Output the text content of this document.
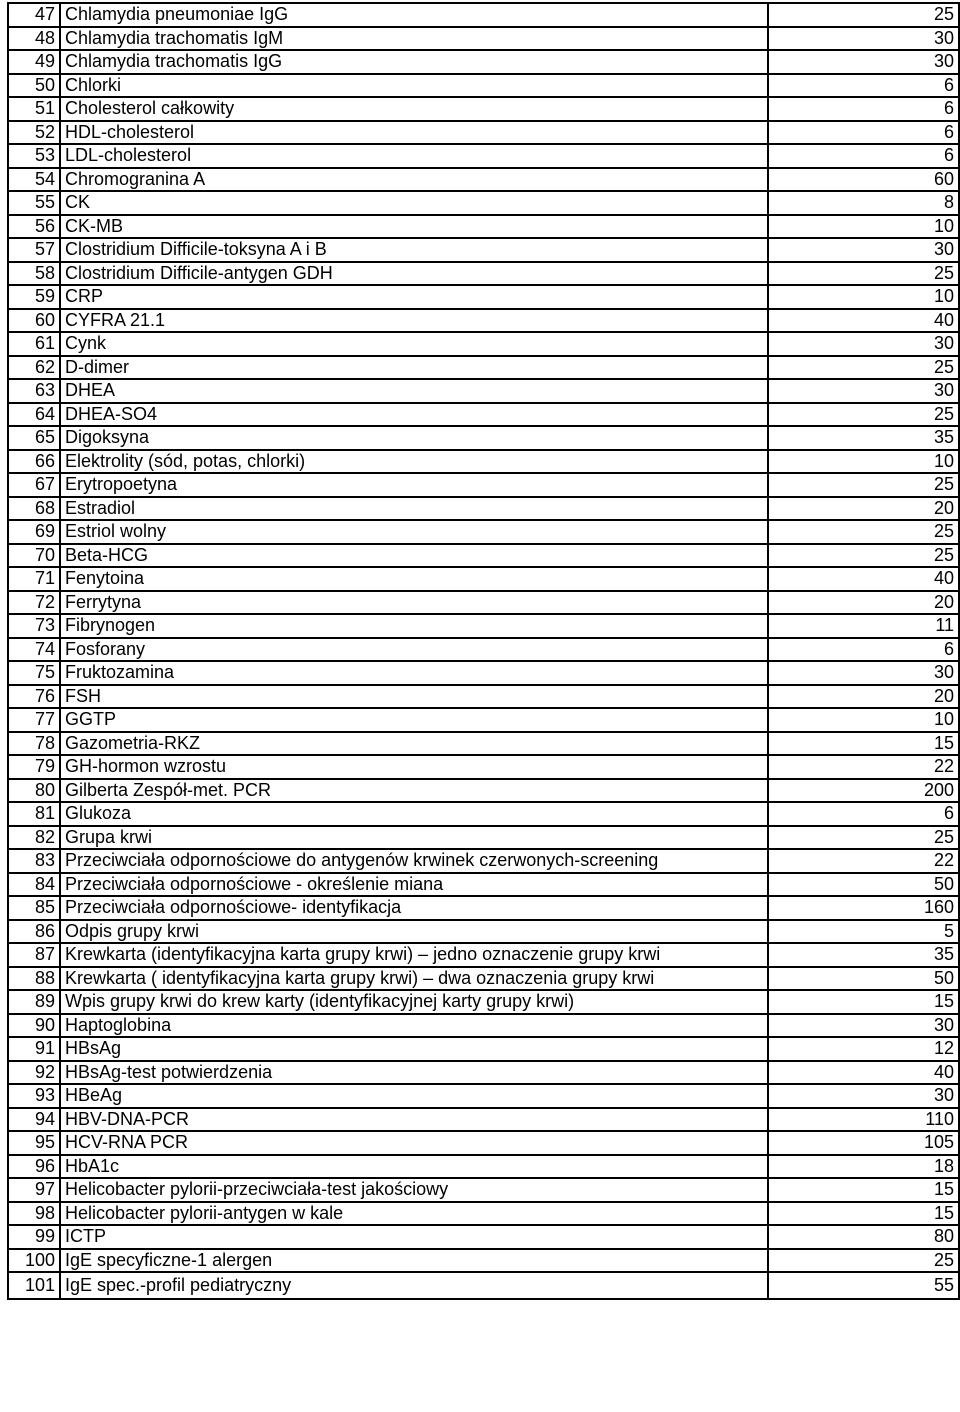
47	Chlamydia pneumoniae IgG	25
48	Chlamydia trachomatis IgM	30
49	Chlamydia trachomatis IgG	30
50	Chlorki	6
51	Cholesterol całkowity	6
52	HDL-cholesterol	6
53	LDL-cholesterol	6
54	Chromogranina A	60
55	CK	8
56	CK-MB	10
57	Clostridium Difficile-toksyna A i B	30
58	Clostridium Difficile-antygen GDH	25
59	CRP	10
60	CYFRA 21.1	40
61	Cynk	30
62	D-dimer	25
63	DHEA	30
64	DHEA-SO4	25
65	Digoksyna	35
66	Elektrolity (sód, potas, chlorki)	10
67	Erytropoetyna	25
68	Estradiol	20
69	Estriol wolny	25
70	Beta-HCG	25
71	Fenytoina	40
72	Ferrytyna	20
73	Fibrynogen	11
74	Fosforany	6
75	Fruktozamina	30
76	FSH	20
77	GGTP	10
78	Gazometria-RKZ	15
79	GH-hormon wzrostu	22
80	Gilberta Zespół-met. PCR	200
81	Glukoza	6
82	Grupa krwi	25
83	Przeciwciała odpornościowe do antygenów krwinek czerwonych-screening	22
84	Przeciwciała odpornościowe - określenie miana	50
85	Przeciwciała odpornościowe- identyfikacja	160
86	Odpis grupy krwi	5
87	Krewkarta (identyfikacyjna karta grupy krwi) – jedno oznaczenie grupy krwi	35
88	Krewkarta ( identyfikacyjna karta grupy krwi) – dwa oznaczenia grupy krwi	50
89	Wpis grupy krwi do krew karty (identyfikacyjnej karty grupy krwi)	15
90	Haptoglobina	30
91	HBsAg	12
92	HBsAg-test potwierdzenia	40
93	HBeAg	30
94	HBV-DNA-PCR	110
95	HCV-RNA PCR	105
96	HbA1c	18
97	Helicobacter pylorii-przeciwciała-test jakościowy	15
98	Helicobacter pylorii-antygen w kale	15
99	ICTP	80
100	IgE specyficzne-1 alergen	25
101	IgE spec.-profil pediatryczny	55
